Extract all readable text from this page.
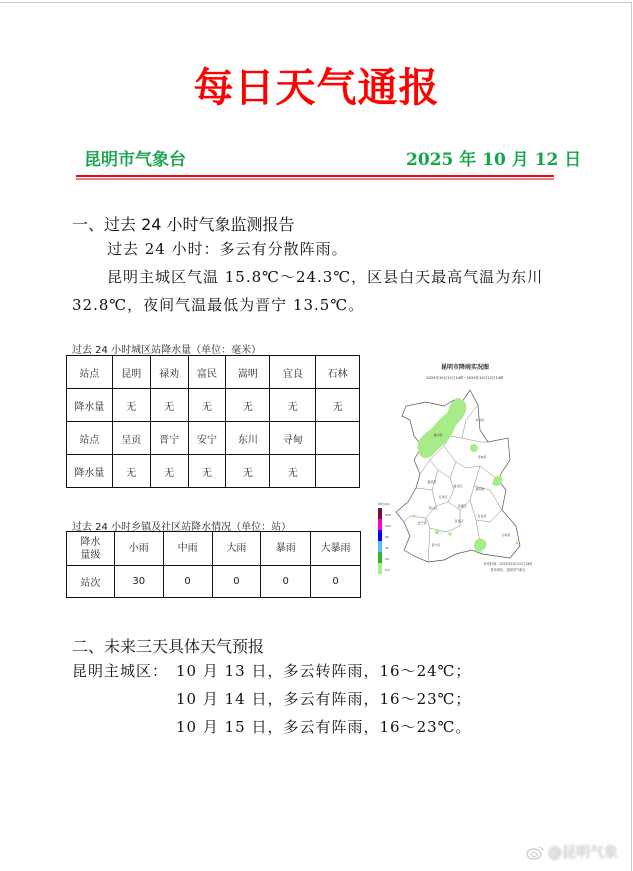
每日天气通报
昆明市气象台	2025 年 10 月 12 日
一、过去 24 小时气象监测报告
过去 24 小时：多云有分散阵雨。
昆明主城区气温 15.8℃～24.3℃，区县白天最高气温为东川
32.8℃，夜间气温最低为晋宁 13.5℃。
过去 24 小时城区站降水量（单位：毫米）
站点	昆明	禄劝	富民	嵩明	宜良	石林
降水量	无	无	无	无	无	无
站点	呈贡	晋宁	安宁	东川	寻甸	
降水量	无	无	无	无	无	
过去 24 小时乡镇及社区站降水情况（单位：站）
降水
量级	小雨	中雨	大雨	暴雨	大暴雨
站次	30	0	0	0	0
昆明市降雨实况图
2025年10月11日14时~2025年10月12日14时
禄劝县
东川区
寻甸县
富民县
嵩明县
盘龙区
五华区
官渡区
西山区
安宁市	呈贡区
晋宁区
宜良县
石林县
单位mm
250
100
50
25
10
0.1
发布时间：2025年10月12日14时
发布单位：昆明市气象台
二、未来三天具体天气预报
昆明主城区： 10 月 13 日，多云转阵雨，16～24℃；
10 月 14 日，多云有阵雨，16～23℃；
10 月 15 日，多云有阵雨，16～23℃。
@昆明气象
